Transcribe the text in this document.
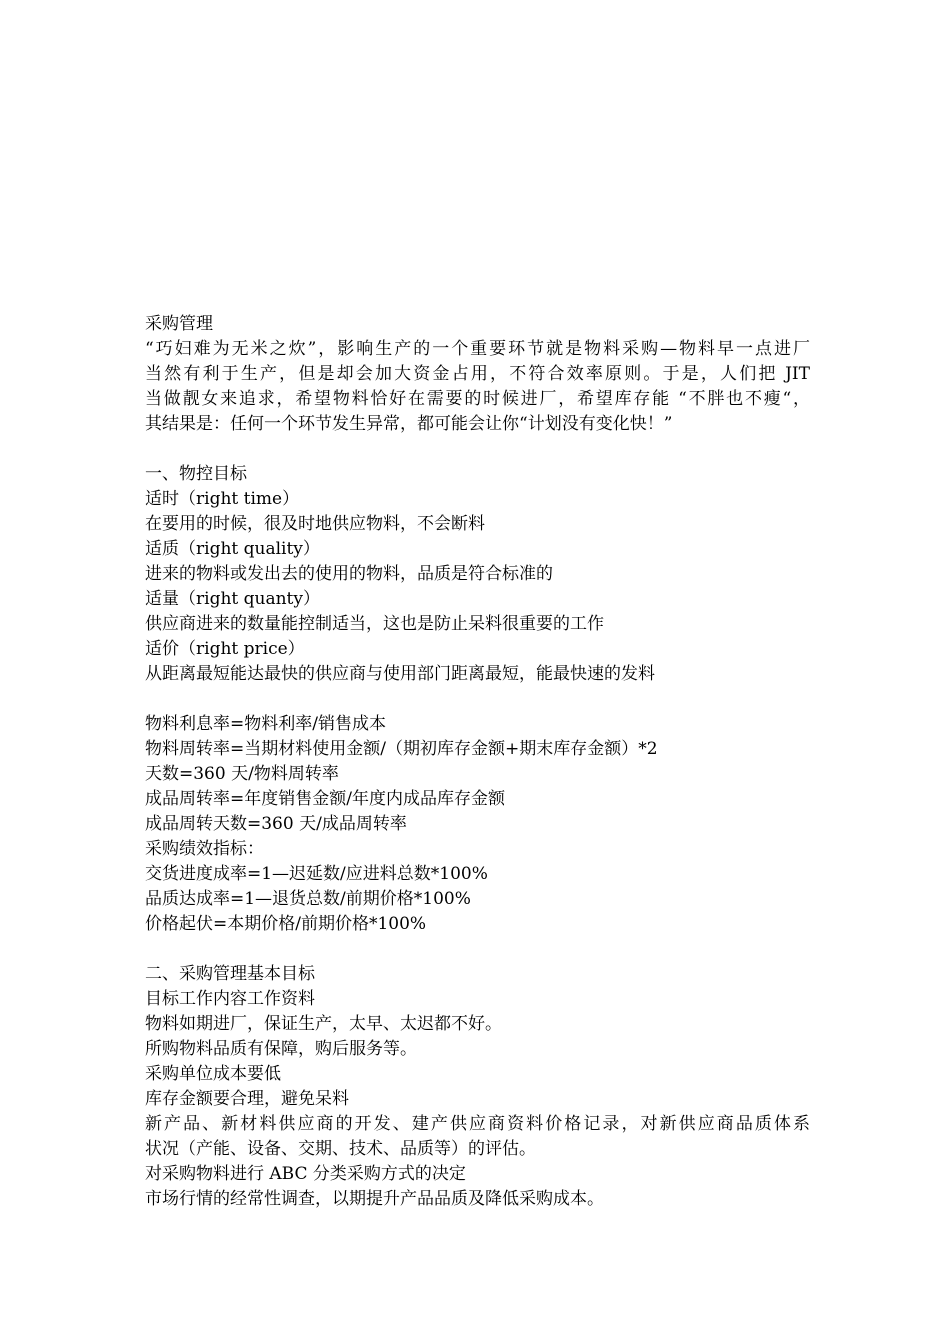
采购管理
“巧妇难为无米之炊”，影响生产的一个重要环节就是物料采购—物料早一点进厂
当然有利于生产，但是却会加大资金占用，不符合效率原则。于是，人们把 JIT
当做靓女来追求，希望物料恰好在需要的时候进厂，希望库存能 “不胖也不瘦“，
其结果是：任何一个环节发生异常，都可能会让你“计划没有变化快！”
一、物控目标
适时（right time）
在要用的时候，很及时地供应物料，不会断料
适质（right quality）
进来的物料或发出去的使用的物料，品质是符合标准的
适量（right quanty）
供应商进来的数量能控制适当，这也是防止呆料很重要的工作
适价（right price）
从距离最短能达最快的供应商与使用部门距离最短，能最快速的发料
物料利息率=物料利率/销售成本
物料周转率=当期材料使用金额/（期初库存金额+期末库存金额）*2
天数=360 天/物料周转率
成品周转率=年度销售金额/年度内成品库存金额
成品周转天数=360 天/成品周转率
采购绩效指标：
交货进度成率=1—迟延数/应进料总数*100%
品质达成率=1—退货总数/前期价格*100%
价格起伏=本期价格/前期价格*100%
二、采购管理基本目标
目标工作内容工作资料
物料如期进厂，保证生产，太早、太迟都不好。
所购物料品质有保障，购后服务等。
采购单位成本要低
库存金额要合理，避免呆料
新产品、新材料供应商的开发、建产供应商资料价格记录，对新供应商品质体系
状况（产能、设备、交期、技术、品质等）的评估。
对采购物料进行 ABC 分类采购方式的决定
市场行情的经常性调查，以期提升产品品质及降低采购成本。
